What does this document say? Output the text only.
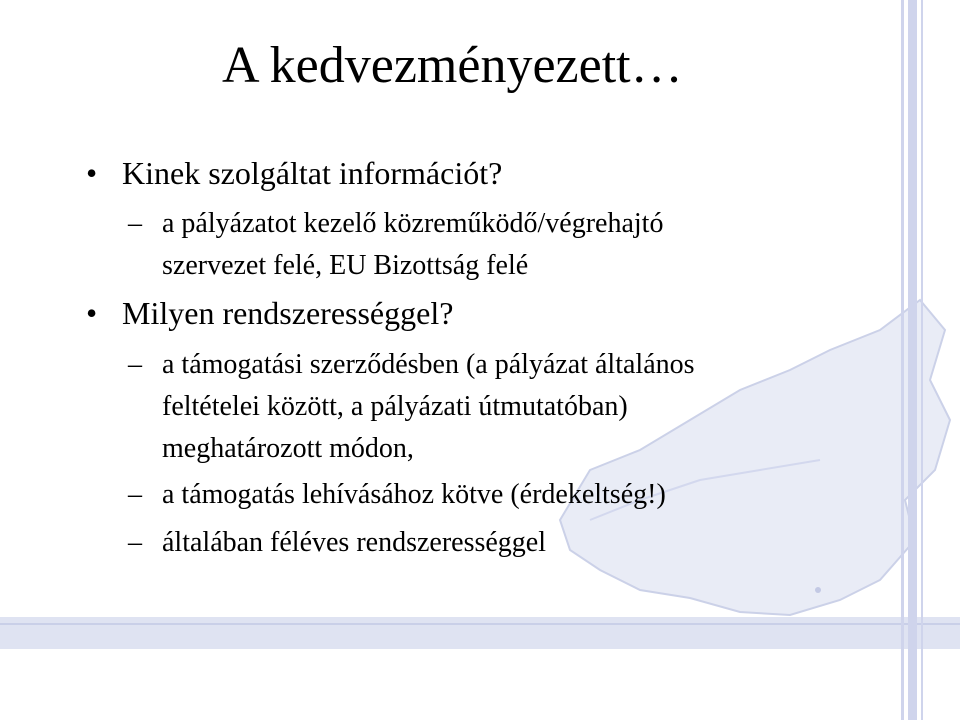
A kedvezményezett…
• Kinek szolgáltat információt?
– a pályázatot kezelő közreműködő/végrehajtó
szervezet felé, EU Bizottság felé
• Milyen rendszerességgel?
– a támogatási szerződésben (a pályázat általános
feltételei között, a pályázati útmutatóban)
meghatározott módon,
– a támogatás lehívásához kötve (érdekeltség!)
– általában féléves rendszerességgel
